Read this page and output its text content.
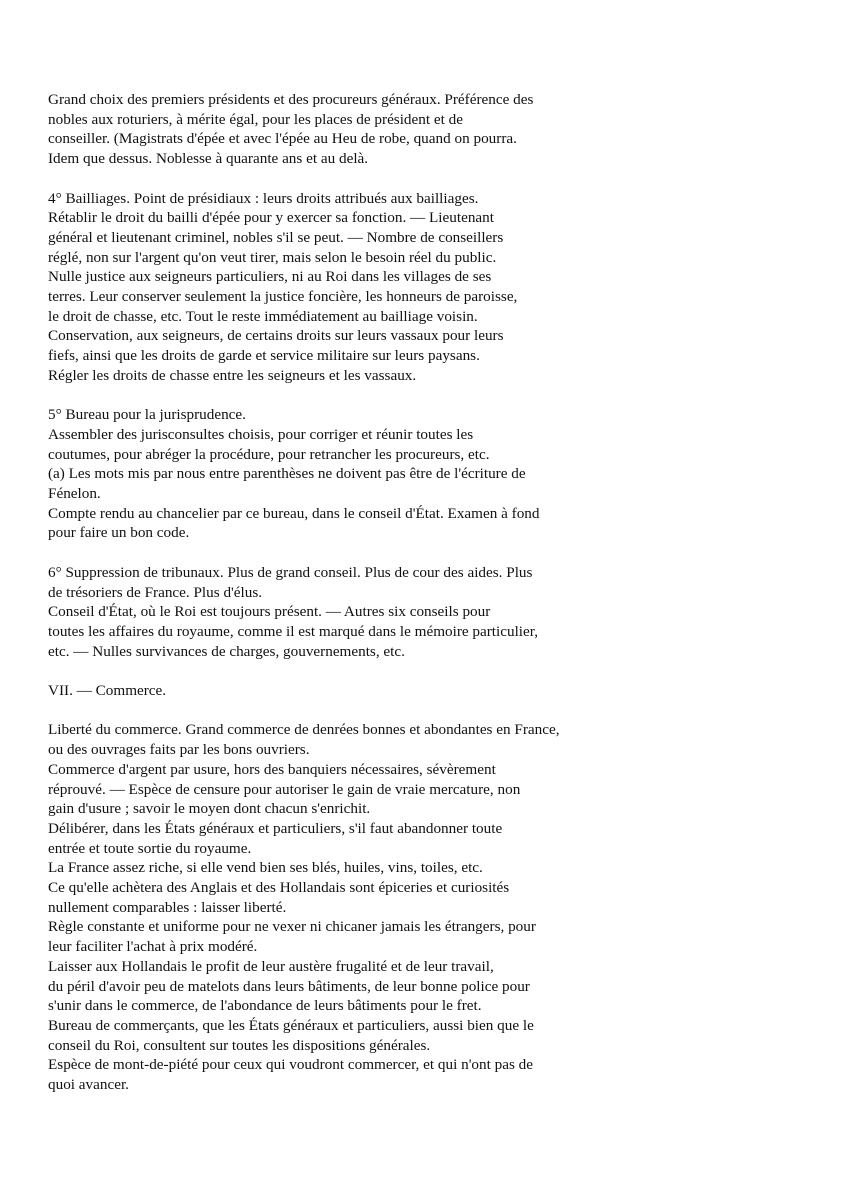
Grand choix des premiers présidents et des procureurs généraux. Préférence des
nobles aux roturiers, à mérite égal, pour les places de président et de
conseiller. (Magistrats d'épée et avec l'épée au Heu de robe, quand on pourra.
Idem que dessus. Noblesse à quarante ans et au delà.
4° Bailliages. Point de présidiaux : leurs droits attribués aux bailliages.
Rétablir le droit du bailli d'épée pour y exercer sa fonction. — Lieutenant
général et lieutenant criminel, nobles s'il se peut. — Nombre de conseillers
réglé, non sur l'argent qu'on veut tirer, mais selon le besoin réel du public.
Nulle justice aux seigneurs particuliers, ni au Roi dans les villages de ses
terres. Leur conserver seulement la justice foncière, les honneurs de paroisse,
le droit de chasse, etc. Tout le reste immédiatement au bailliage voisin.
Conservation, aux seigneurs, de certains droits sur leurs vassaux pour leurs
fiefs, ainsi que les droits de garde et service militaire sur leurs paysans.
Régler les droits de chasse entre les seigneurs et les vassaux.
5° Bureau pour la jurisprudence.
Assembler des jurisconsultes choisis, pour corriger et réunir toutes les
coutumes, pour abréger la procédure, pour retrancher les procureurs, etc.
(a) Les mots mis par nous entre parenthèses ne doivent pas être de l'écriture de
Fénelon.
Compte rendu au chancelier par ce bureau, dans le conseil d'État. Examen à fond
pour faire un bon code.
6° Suppression de tribunaux. Plus de grand conseil. Plus de cour des aides. Plus
de trésoriers de France. Plus d'élus.
Conseil d'État, où le Roi est toujours présent. — Autres six conseils pour
toutes les affaires du royaume, comme il est marqué dans le mémoire particulier,
etc. — Nulles survivances de charges, gouvernements, etc.
VII. — Commerce.
Liberté du commerce. Grand commerce de denrées bonnes et abondantes en France,
ou des ouvrages faits par les bons ouvriers.
Commerce d'argent par usure, hors des banquiers nécessaires, sévèrement
réprouvé. — Espèce de censure pour autoriser le gain de vraie mercature, non
gain d'usure ; savoir le moyen dont chacun s'enrichit.
Délibérer, dans les États généraux et particuliers, s'il faut abandonner toute
entrée et toute sortie du royaume.
La France assez riche, si elle vend bien ses blés, huiles, vins, toiles, etc.
Ce qu'elle achètera des Anglais et des Hollandais sont épiceries et curiosités
nullement comparables : laisser liberté.
Règle constante et uniforme pour ne vexer ni chicaner jamais les étrangers, pour
leur faciliter l'achat à prix modéré.
Laisser aux Hollandais le profit de leur austère frugalité et de leur travail,
du péril d'avoir peu de matelots dans leurs bâtiments, de leur bonne police pour
s'unir dans le commerce, de l'abondance de leurs bâtiments pour le fret.
Bureau de commerçants, que les États généraux et particuliers, aussi bien que le
conseil du Roi, consultent sur toutes les dispositions générales.
Espèce de mont-de-piété pour ceux qui voudront commercer, et qui n'ont pas de
quoi avancer.
